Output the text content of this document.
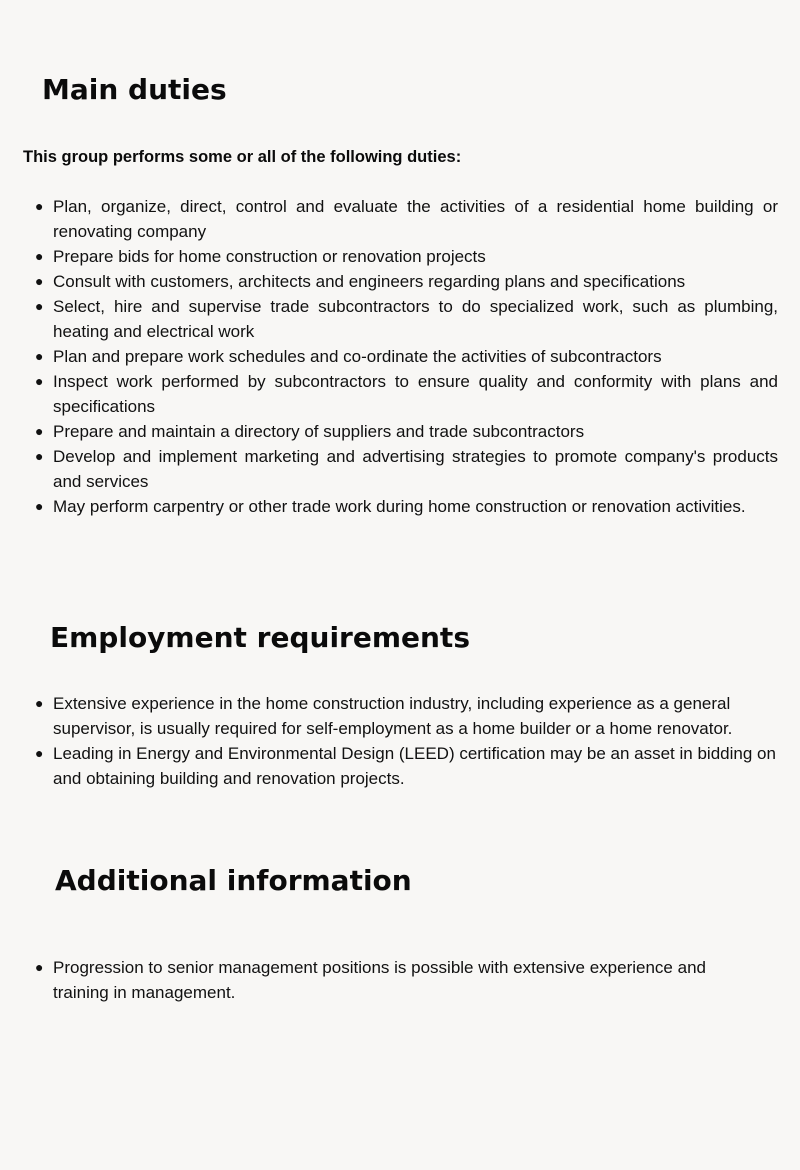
Main duties

This group performs some or all of the following duties:

● Plan, organize, direct, control and evaluate the activities of a residential home building or renovating company
● Prepare bids for home construction or renovation projects
● Consult with customers, architects and engineers regarding plans and specifications
● Select, hire and supervise trade subcontractors to do specialized work, such as plumbing, heating and electrical work
● Plan and prepare work schedules and co-ordinate the activities of subcontractors
● Inspect work performed by subcontractors to ensure quality and conformity with plans and specifications
● Prepare and maintain a directory of suppliers and trade subcontractors
● Develop and implement marketing and advertising strategies to promote company's products and services
● May perform carpentry or other trade work during home construction or renovation activities.
Employment requirements
● Extensive experience in the home construction industry, including experience as a general supervisor, is usually required for self-employment as a home builder or a home renovator.
● Leading in Energy and Environmental Design (LEED) certification may be an asset in bidding on and obtaining building and renovation projects.
Additional information
● Progression to senior management positions is possible with extensive experience and training in management.
